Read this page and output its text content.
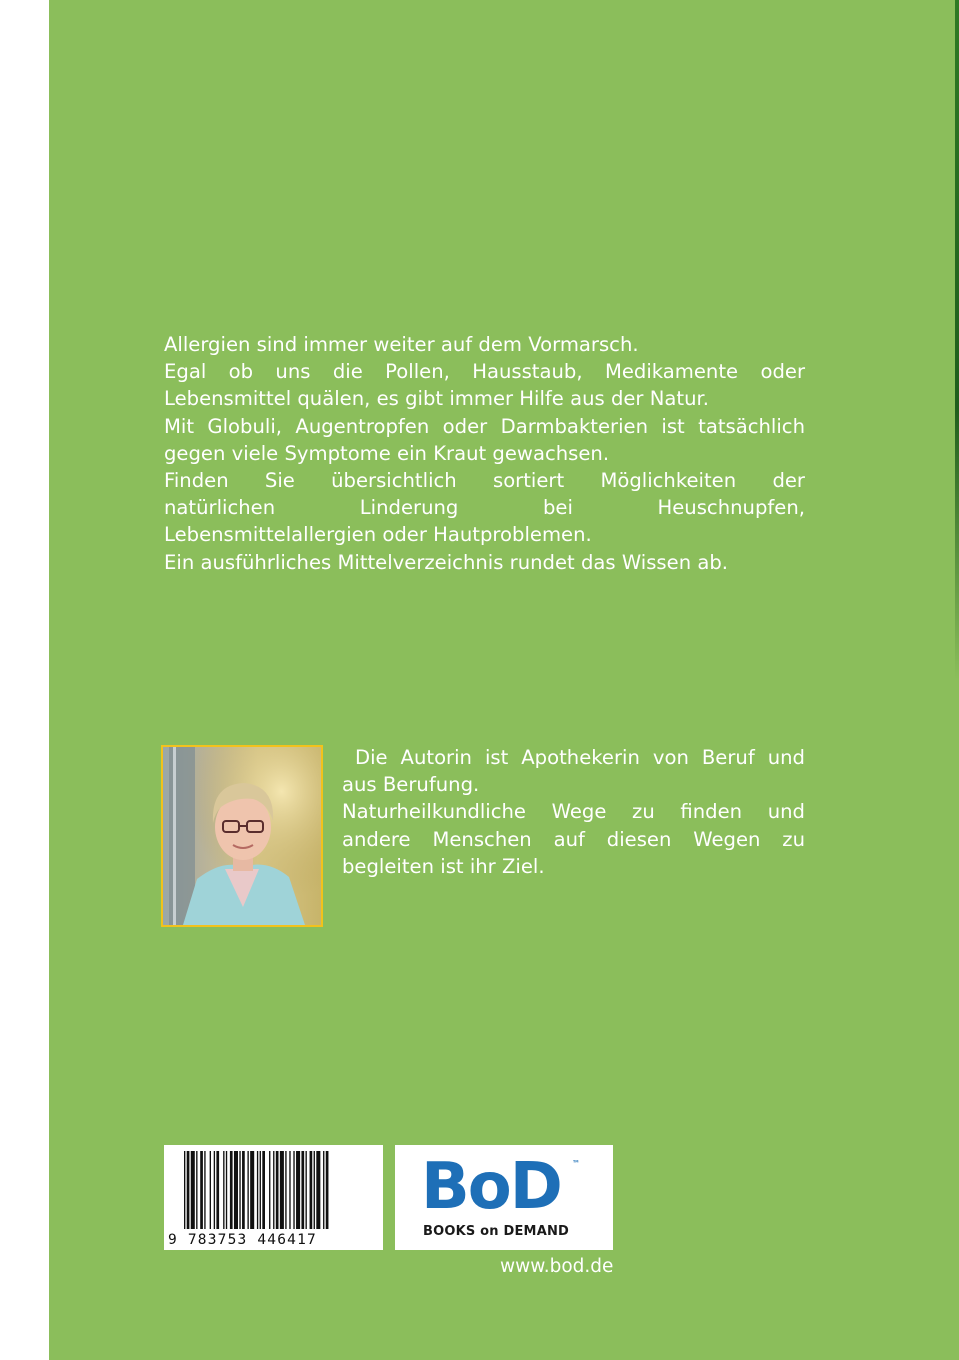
Allergien sind immer weiter auf dem Vormarsch.

Egal ob uns die Pollen, Hausstaub, Medikamente oder

Lebensmittel quälen, es gibt immer Hilfe aus der Natur.

Mit Globuli, Augentropfen oder Darmbakterien ist tatsächlich

gegen viele Symptome ein Kraut gewachsen.

Finden Sie übersichtlich sortiert Möglichkeiten der

natürlichen Linderung bei Heuschnupfen,

Lebensmittelallergien oder Hautproblemen.

Ein ausführliches Mittelverzeichnis rundet das Wissen ab.

Die Autorin ist Apothekerin von Beruf und

aus Berufung.

Naturheilkundliche Wege zu finden und

andere Menschen auf diesen Wegen zu

begleiten ist ihr Ziel.

9 783753 446417
BoD ™
BOOKS on DEMAND
www.bod.de
